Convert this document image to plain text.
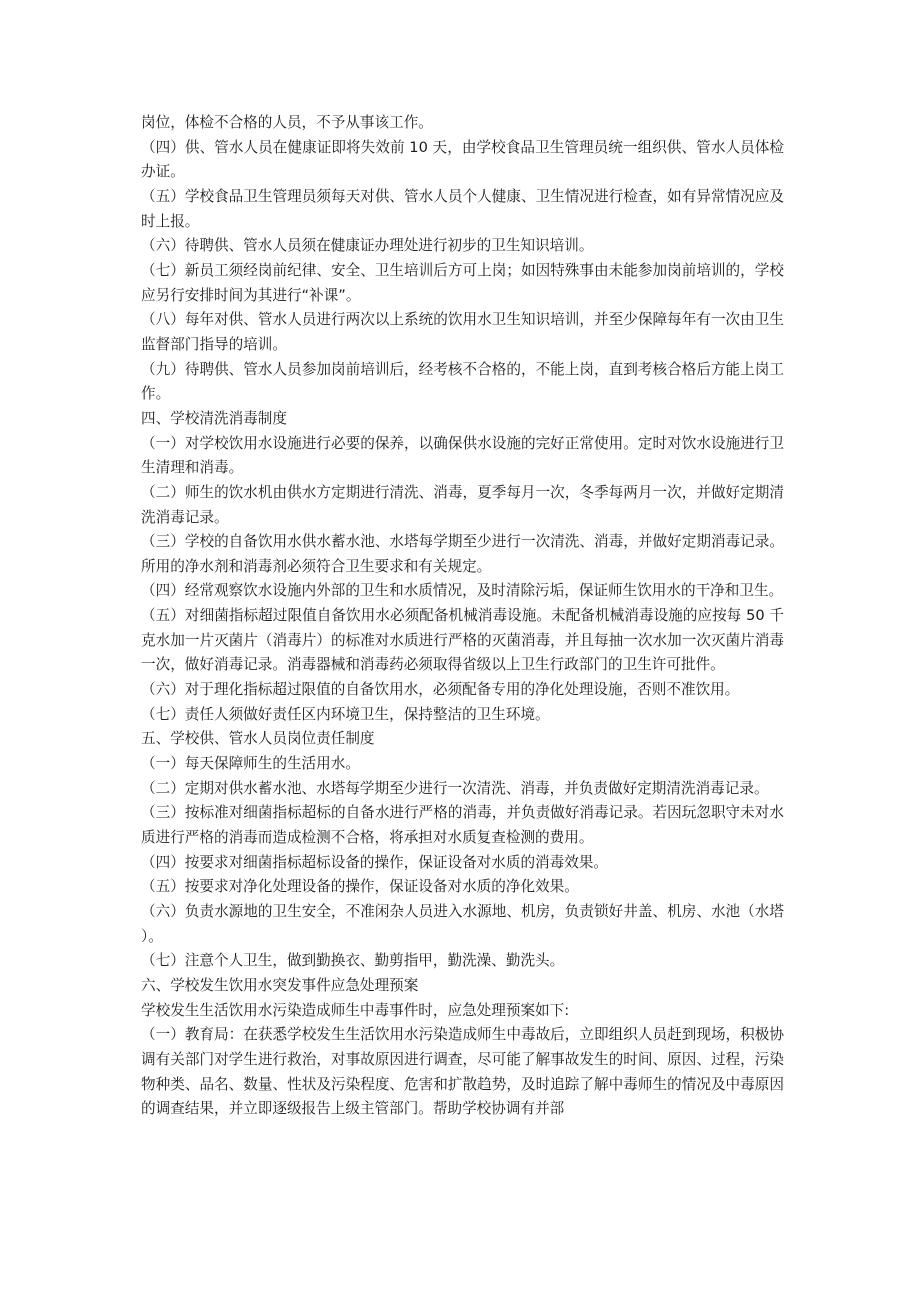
岗位，体检不合格的人员，不予从事该工作。

（四）供、管水人员在健康证即将失效前 10 天，由学校食品卫生管理员统一组织供、管水人员体检办证。

（五）学校食品卫生管理员须每天对供、管水人员个人健康、卫生情况进行检查，如有异常情况应及时上报。

（六）待聘供、管水人员须在健康证办理处进行初步的卫生知识培训。

（七）新员工须经岗前纪律、安全、卫生培训后方可上岗；如因特殊事由未能参加岗前培训的，学校应另行安排时间为其进行“补课”。

（八）每年对供、管水人员进行两次以上系统的饮用水卫生知识培训，并至少保障每年有一次由卫生监督部门指导的培训。

（九）待聘供、管水人员参加岗前培训后，经考核不合格的，不能上岗，直到考核合格后方能上岗工作。

四、学校清洗消毒制度

（一）对学校饮用水设施进行必要的保养，以确保供水设施的完好正常使用。定时对饮水设施进行卫生清理和消毒。

（二）师生的饮水机由供水方定期进行清洗、消毒，夏季每月一次，冬季每两月一次，并做好定期清洗消毒记录。

（三）学校的自备饮用水供水蓄水池、水塔每学期至少进行一次清洗、消毒，并做好定期消毒记录。所用的净水剂和消毒剂必须符合卫生要求和有关规定。

（四）经常观察饮水设施内外部的卫生和水质情况，及时清除污垢，保证师生饮用水的干净和卫生。

（五）对细菌指标超过限值自备饮用水必须配备机械消毒设施。未配备机械消毒设施的应按每 50 千克水加一片灭菌片（消毒片）的标准对水质进行严格的灭菌消毒，并且每抽一次水加一次灭菌片消毒一次，做好消毒记录。消毒器械和消毒药必须取得省级以上卫生行政部门的卫生许可批件。

（六）对于理化指标超过限值的自备饮用水，必须配备专用的净化处理设施，否则不准饮用。

（七）责任人须做好责任区内环境卫生，保持整洁的卫生环境。

五、学校供、管水人员岗位责任制度

（一）每天保障师生的生活用水。

（二）定期对供水蓄水池、水塔每学期至少进行一次清洗、消毒，并负责做好定期清洗消毒记录。

（三）按标准对细菌指标超标的自备水进行严格的消毒，并负责做好消毒记录。若因玩忽职守未对水质进行严格的消毒而造成检测不合格，将承担对水质复查检测的费用。

（四）按要求对细菌指标超标设备的操作，保证设备对水质的消毒效果。

（五）按要求对净化处理设备的操作，保证设备对水质的净化效果。

（六）负责水源地的卫生安全，不准闲杂人员进入水源地、机房，负责锁好井盖、机房、水池（水塔）。

（七）注意个人卫生，做到勤换衣、勤剪指甲，勤洗澡、勤洗头。

六、学校发生饮用水突发事件应急处理预案

学校发生生活饮用水污染造成师生中毒事件时，应急处理预案如下:

（一）教育局：在获悉学校发生生活饮用水污染造成师生中毒故后，立即组织人员赶到现场，积极协调有关部门对学生进行救治，对事故原因进行调查，尽可能了解事故发生的时间、原因、过程，污染物种类、品名、数量、性状及污染程度、危害和扩散趋势，及时追踪了解中毒师生的情况及中毒原因的调查结果，并立即逐级报告上级主管部门。帮助学校协调有并部
